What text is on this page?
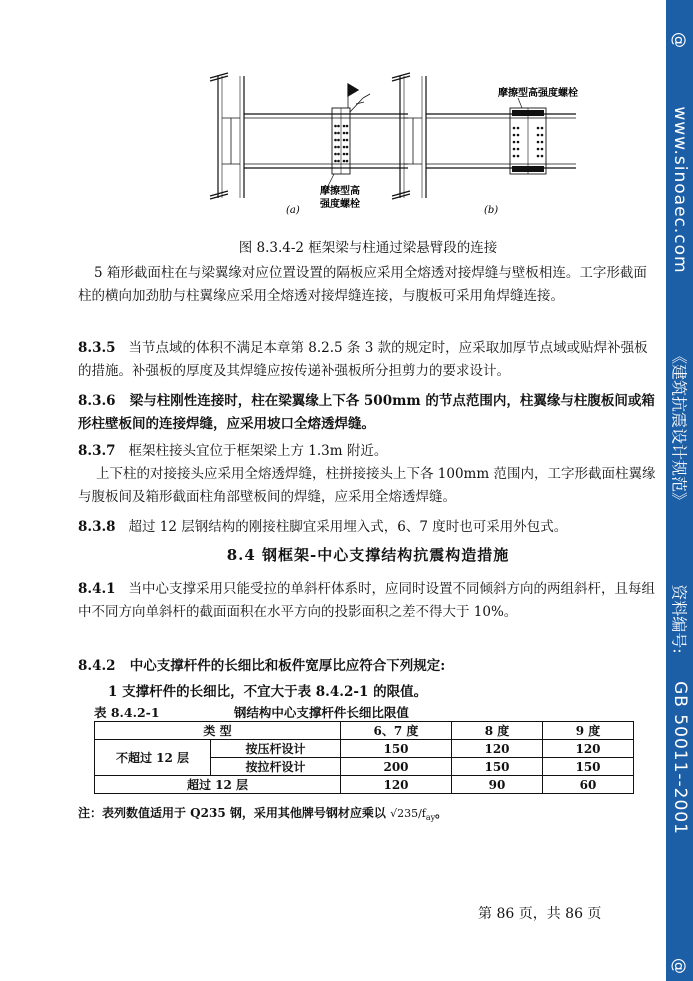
@
www.sinoaec.com
《建筑抗震设计规范》
资料编号:
GB 50011--2001
@
摩擦型高
强度螺栓
(a)
摩擦型高强度螺栓
(b)
图 8.3.4-2 框架梁与柱通过梁悬臂段的连接
5 箱形截面柱在与梁翼缘对应位置设置的隔板应采用全熔透对接焊缝与壁板相连。工字形截面柱的横向加劲肋与柱翼缘应采用全熔透对接焊缝连接，与腹板可采用角焊缝连接。
8.3.5 当节点域的体积不满足本章第 8.2.5 条 3 款的规定时，应采取加厚节点域或贴焊补强板的措施。补强板的厚度及其焊缝应按传递补强板所分担剪力的要求设计。
8.3.6 梁与柱刚性连接时，柱在梁翼缘上下各 500mm 的节点范围内，柱翼缘与柱腹板间或箱形柱壁板间的连接焊缝，应采用坡口全熔透焊缝。
8.3.7 框架柱接头宜位于框架梁上方 1.3m 附近。
上下柱的对接接头应采用全熔透焊缝，柱拼接接头上下各 100mm 范围内，工字形截面柱翼缘与腹板间及箱形截面柱角部壁板间的焊缝，应采用全熔透焊缝。
8.3.8 超过 12 层钢结构的刚接柱脚宜采用埋入式，6、7 度时也可采用外包式。
8.4 钢框架-中心支撑结构抗震构造措施
8.4.1 当中心支撑采用只能受拉的单斜杆体系时，应同时设置不同倾斜方向的两组斜杆，且每组中不同方向单斜杆的截面面积在水平方向的投影面积之差不得大于 10%。
8.4.2 中心支撑杆件的长细比和板件宽厚比应符合下列规定:
1 支撑杆件的长细比，不宜大于表 8.4.2-1 的限值。
表 8.4.2-1	钢结构中心支撑杆件长细比限值
类 型		6、7 度	8 度	9 度
不超过 12 层	按压杆设计	150	120	120
	按拉杆设计	200	150	150
超过 12 层		120	90	60
注：表列数值适用于 Q235 钢，采用其他牌号钢材应乘以 $√235/f_{ay}$。
第 86 页，共 86 页
